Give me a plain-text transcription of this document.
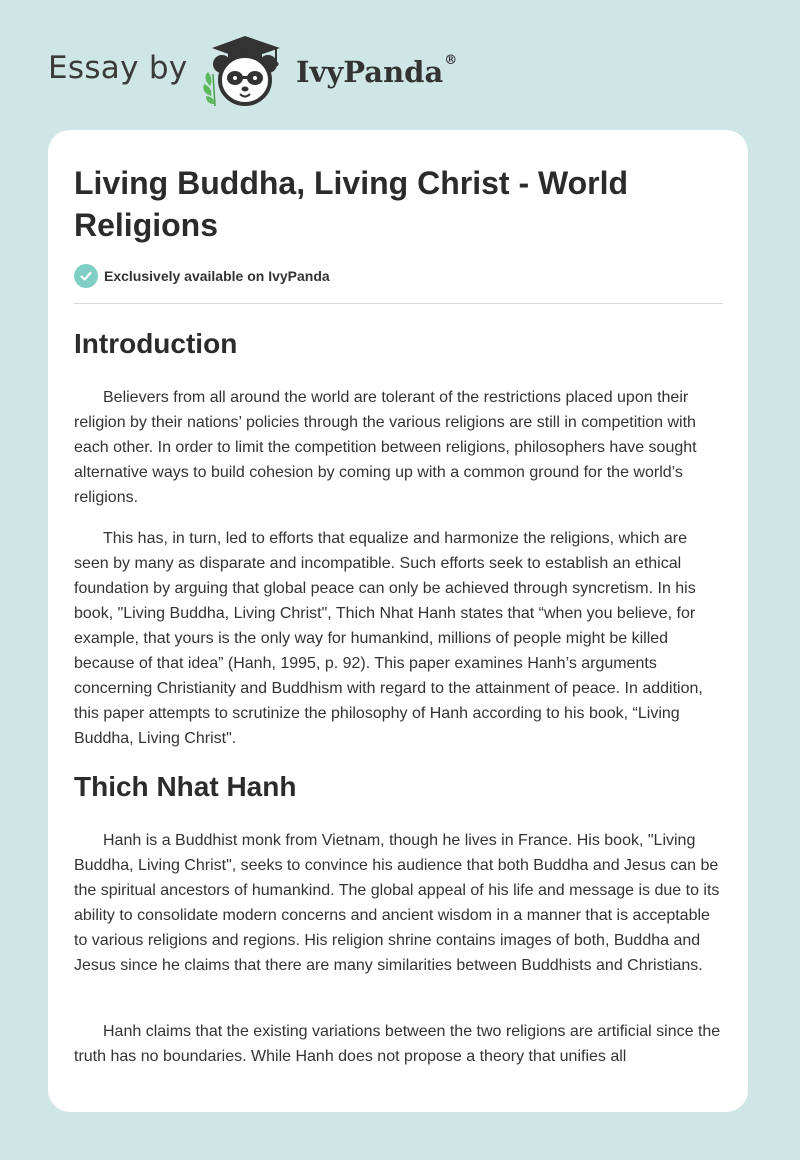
Essay by	IvyPanda®
Living Buddha, Living Christ - World Religions
Exclusively available on IvyPanda
Introduction

Believers from all around the world are tolerant of the restrictions placed upon their religion by their nations’ policies through the various religions are still in competition with each other. In order to limit the competition between religions, philosophers have sought alternative ways to build cohesion by coming up with a common ground for the world’s religions.

This has, in turn, led to efforts that equalize and harmonize the religions, which are seen by many as disparate and incompatible. Such efforts seek to establish an ethical foundation by arguing that global peace can only be achieved through syncretism. In his book, "Living Buddha, Living Christ", Thich Nhat Hanh states that “when you believe, for example, that yours is the only way for humankind, millions of people might be killed because of that idea” (Hanh, 1995, p. 92). This paper examines Hanh’s arguments concerning Christianity and Buddhism with regard to the attainment of peace. In addition, this paper attempts to scrutinize the philosophy of Hanh according to his book, “Living Buddha, Living Christ".

Thich Nhat Hanh

Hanh is a Buddhist monk from Vietnam, though he lives in France. His book, "Living Buddha, Living Christ", seeks to convince his audience that both Buddha and Jesus can be the spiritual ancestors of humankind. The global appeal of his life and message is due to its ability to consolidate modern concerns and ancient wisdom in a manner that is acceptable to various religions and regions. His religion shrine contains images of both, Buddha and Jesus since he claims that there are many similarities between Buddhists and Christians.

Hanh claims that the existing variations between the two religions are artificial since the truth has no boundaries. While Hanh does not propose a theory that unifies all
